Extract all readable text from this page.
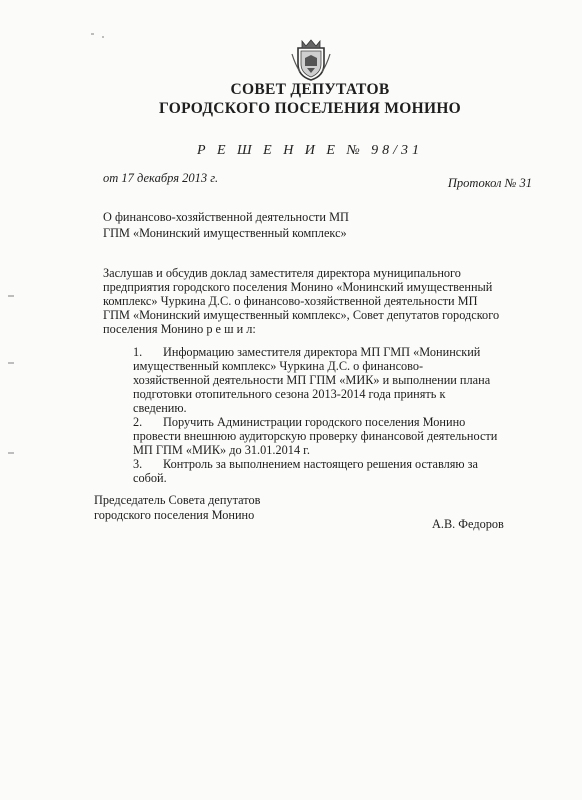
СОВЕТ ДЕПУТАТОВ
ГОРОДСКОГО ПОСЕЛЕНИЯ МОНИНО
Р Е Ш Е Н И Е № 98/31
от 17 декабря 2013 г.	Протокол № 31
О финансово-хозяйственной деятельности МП
ГПМ «Монинский имущественный комплекс»
Заслушав и обсудив доклад заместителя директора муниципального
предприятия городского поселения Монино «Монинский имущественный
комплекс» Чуркина Д.С. о финансово-хозяйственной деятельности МП
ГПМ «Монинский имущественный комплекс», Совет депутатов городского
поселения Монино р е ш и л:
1. Информацию заместителя директора МП ГМП «Монинский
имущественный комплекс» Чуркина Д.С. о финансово-
хозяйственной деятельности МП ГПМ «МИК» и выполнении плана
подготовки отопительного сезона 2013-2014 года принять к
сведению.
2. Поручить Администрации городского поселения Монино
провести внешнюю аудиторскую проверку финансовой деятельности
МП ГПМ «МИК» до 31.01.2014 г.
3. Контроль за выполнением настоящего решения оставляю за
собой.
Председатель Совета депутатов
городского поселения Монино
А.В. Федоров
